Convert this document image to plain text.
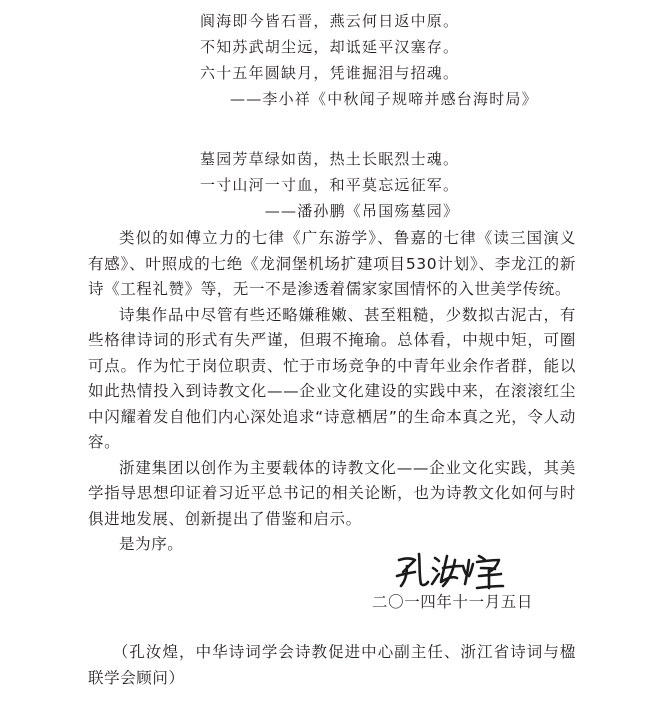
阆海即今皆石晋，燕云何日返中原。
不知苏武胡尘远，却诋延平汉塞存。
六十五年圆缺月，凭谁掘泪与招魂。
——李小祥《中秋闻子规啼并感台海时局》
墓园芳草绿如茵，热土长眠烈士魂。
一寸山河一寸血，和平莫忘远征军。
——潘孙鹏《吊国殇墓园》

类似的如傅立力的七律《广东游学》、鲁嘉的七律《读三国演义有感》、叶照成的七绝《龙洞堡机场扩建项目530计划》、李龙江的新诗《工程礼赞》等，无一不是渗透着儒家家国情怀的入世美学传统。

诗集作品中尽管有些还略嫌稚嫩、甚至粗糙，少数拟古泥古，有些格律诗词的形式有失严谨，但瑕不掩瑜。总体看，中规中矩，可圈可点。作为忙于岗位职责、忙于市场竞争的中青年业余作者群，能以如此热情投入到诗教文化——企业文化建设的实践中来，在滚滚红尘中闪耀着发自他们内心深处追求“诗意栖居”的生命本真之光，令人动容。

浙建集团以创作为主要载体的诗教文化——企业文化实践，其美学指导思想印证着习近平总书记的相关论断，也为诗教文化如何与时俱进地发展、创新提出了借鉴和启示。

是为序。

二〇一四年十一月五日
（孔汝煌，中华诗词学会诗教促进中心副主任、浙江省诗词与楹联学会顾问）
